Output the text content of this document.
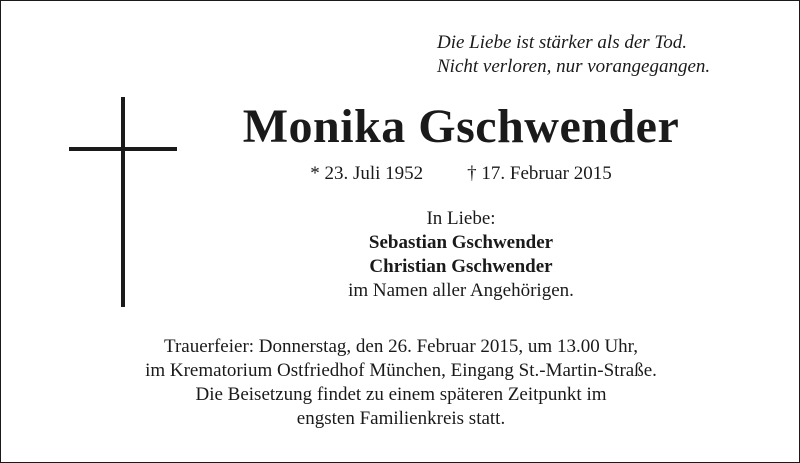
Die Liebe ist stärker als der Tod.
Nicht verloren, nur vorangegangen.
Monika Gschwender
* 23. Juli 1952 † 17. Februar 2015
In Liebe:
Sebastian Gschwender
Christian Gschwender
im Namen aller Angehörigen.
Trauerfeier: Donnerstag, den 26. Februar 2015, um 13.00 Uhr,
im Krematorium Ostfriedhof München, Eingang St.-Martin-Straße.
Die Beisetzung findet zu einem späteren Zeitpunkt im
engsten Familienkreis statt.
